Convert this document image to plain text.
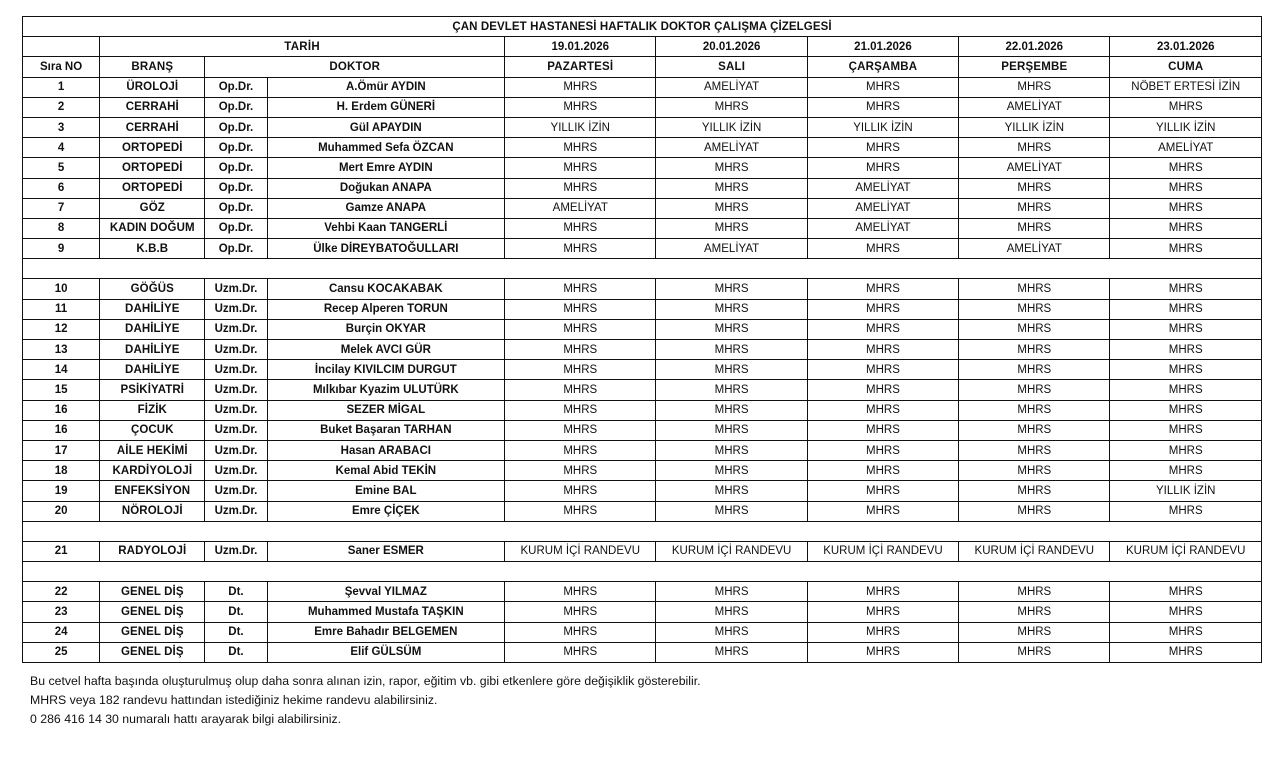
ÇAN DEVLET HASTANESİ HAFTALIK DOKTOR ÇALIŞMA ÇİZELGESİ								
	TARİH			19.01.2026	20.01.2026	21.01.2026	22.01.2026	23.01.2026
Sıra NO	BRANŞ	DOKTOR		PAZARTESİ	SALI	ÇARŞAMBA	PERŞEMBE	CUMA
1	ÜROLOJİ	Op.Dr.	A.Ömür AYDIN	MHRS	AMELİYAT	MHRS	MHRS	NÖBET ERTESİ İZİN
2	CERRAHİ	Op.Dr.	H. Erdem GÜNERİ	MHRS	MHRS	MHRS	AMELİYAT	MHRS
3	CERRAHİ	Op.Dr.	Gül APAYDIN	YILLIK İZİN	YILLIK İZİN	YILLIK İZİN	YILLIK İZİN	YILLIK İZİN
4	ORTOPEDİ	Op.Dr.	Muhammed Sefa ÖZCAN	MHRS	AMELİYAT	MHRS	MHRS	AMELİYAT
5	ORTOPEDİ	Op.Dr.	Mert Emre AYDIN	MHRS	MHRS	MHRS	AMELİYAT	MHRS
6	ORTOPEDİ	Op.Dr.	Doğukan ANAPA	MHRS	MHRS	AMELİYAT	MHRS	MHRS
7	GÖZ	Op.Dr.	Gamze ANAPA	AMELİYAT	MHRS	AMELİYAT	MHRS	MHRS
8	KADIN DOĞUM	Op.Dr.	Vehbi Kaan TANGERLİ	MHRS	MHRS	AMELİYAT	MHRS	MHRS
9	K.B.B	Op.Dr.	Ülke DİREYBATOĞULLARI	MHRS	AMELİYAT	MHRS	AMELİYAT	MHRS

10	GÖĞÜS	Uzm.Dr.	Cansu KOCAKABAK	MHRS	MHRS	MHRS	MHRS	MHRS
11	DAHİLİYE	Uzm.Dr.	Recep Alperen TORUN	MHRS	MHRS	MHRS	MHRS	MHRS
12	DAHİLİYE	Uzm.Dr.	Burçin OKYAR	MHRS	MHRS	MHRS	MHRS	MHRS
13	DAHİLİYE	Uzm.Dr.	Melek AVCI GÜR	MHRS	MHRS	MHRS	MHRS	MHRS
14	DAHİLİYE	Uzm.Dr.	İncilay KIVILCIM DURGUT	MHRS	MHRS	MHRS	MHRS	MHRS
15	PSİKİYATRİ	Uzm.Dr.	Mılkıbar Kyazim ULUTÜRK	MHRS	MHRS	MHRS	MHRS	MHRS
16	FİZİK	Uzm.Dr.	SEZER MİGAL	MHRS	MHRS	MHRS	MHRS	MHRS
16	ÇOCUK	Uzm.Dr.	Buket Başaran TARHAN	MHRS	MHRS	MHRS	MHRS	MHRS
17	AİLE HEKİMİ	Uzm.Dr.	Hasan ARABACI	MHRS	MHRS	MHRS	MHRS	MHRS
18	KARDİYOLOJİ	Uzm.Dr.	Kemal Abid TEKİN	MHRS	MHRS	MHRS	MHRS	MHRS
19	ENFEKSİYON	Uzm.Dr.	Emine BAL	MHRS	MHRS	MHRS	MHRS	YILLIK İZİN
20	NÖROLOJİ	Uzm.Dr.	Emre ÇİÇEK	MHRS	MHRS	MHRS	MHRS	MHRS

21	RADYOLOJİ	Uzm.Dr.	Saner ESMER	KURUM İÇİ RANDEVU	KURUM İÇİ RANDEVU	KURUM İÇİ RANDEVU	KURUM İÇİ RANDEVU	KURUM İÇİ RANDEVU

22	GENEL DİŞ	Dt.	Şevval YILMAZ	MHRS	MHRS	MHRS	MHRS	MHRS
23	GENEL DİŞ	Dt.	Muhammed Mustafa TAŞKIN	MHRS	MHRS	MHRS	MHRS	MHRS
24	GENEL DİŞ	Dt.	Emre Bahadır BELGEMEN	MHRS	MHRS	MHRS	MHRS	MHRS
25	GENEL DİŞ	Dt.	Elif GÜLSÜM	MHRS	MHRS	MHRS	MHRS	MHRS
Bu cetvel hafta başında oluşturulmuş olup daha sonra alınan izin, rapor, eğitim vb. gibi etkenlere göre değişiklik gösterebilir.
MHRS veya 182 randevu hattından istediğiniz hekime randevu alabilirsiniz.
0 286 416 14 30 numaralı hattı arayarak bilgi alabilirsiniz.
